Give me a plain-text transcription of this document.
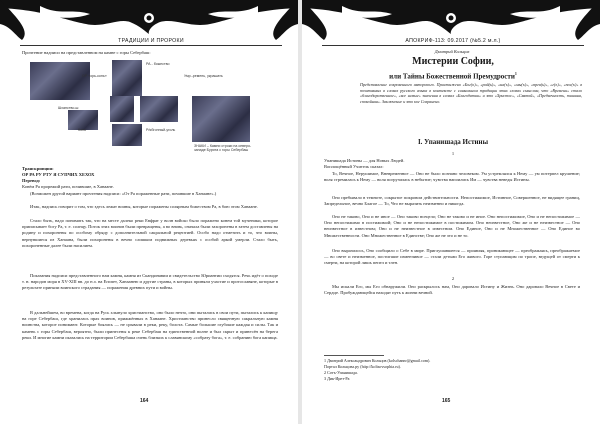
ТРАДИЦИИ И ПРОРОКИ

Прочтение надписи на представленном на камне с горы Себербаш:

ОР «орь-конь»
РА - божество
Конь
Умр.-ремень, украшать
Шханство-ш
Р/ябгонный-уголь
ЗНАКИ – Камни строки на северо-западе Бурята с горы Себербаш

Транскрипция:

ОР РА РУ РТУ Я СУПЧИХ ХЕХОХ

Перевод:

Конём Ра прорежий рати, почившие, в Ханаане.

(Возможен другой вариант прочтения надписи: «От Ра пораженные рати, почившие в Ханаане».)

Итак, надпись говорит о том, что здесь лежат воины, которые поражены солярным божеством Ра, в бою этом Ханаане.

Стало быть, надо понимать так, что на месте далеко реки Евфрат у волн войско было поражено конем той мученики, которое приписывает богу Ра, т. е. солнцу. Поток этих воинов были превращены, а во вновь, сначала были захоронены в затем доставлены на родину и похоронены по особому обряду с дополнительной сакральной рецептией. Особо надо отметить и то, что воины, вернувшиеся из Ханаана, были похоронены в вечно слишком подвижных деревьях с особой аркой умерли. Стало быть, похороненные далее были насилием.

Показания надписи представленного нам камня, камня из Скандинавии и свидетельство Юриантии сходятся. Речь идёт о походе т. н. народов моря в XV-XIII вв. до н.э. на Египет, Ханаанею и другие страны, в которых приняли участие и протославяне, которые в результате приняли воинского страдания — поражения древних пути и войны.

В дальнейшем, во времена, когда на Русь хлынуло христианство, оно было нечто, они пытались в свои пути, пытались к капищу на горе Себербаш, где хранилась прах воинов, прижжённых в Ханаане. Христианство принесло священную сакральную камня воинства, которое понимают. Которые боялись — не срывали в реки, реку, болота. Самые большие глубокие каждая и силы. Так и камень с горы Себербаш, вероятно, были принесены к реке Себербаш на единственной волне и был скрыт и принесён на берега реки. И многие камни оказались на территории Себербаша очень близких к славянскому «собрату бога», т. е. собранию бога капища.

164
АПОКРИФ-113: 09.2017 (№5.2 м.л.)
Дмитрий Кольцов
Мистерии Софии,
или Тайны Божественной Премудрости$^1$

Представление сокровенного авторского. Пристыжено «Бог(ъ)», «рай(ь)», «на(ъ)», «мы(ъ)», «прев(ь)», «г(ъ)», «пос(ъ)» в позитивных в словах русского языка в контексте с синкальном традиции этих словах смыслом, что «Времени» стало «благодарственное», «все немые» значения в словах «Благодатии» и это «Христос», «Святой», «Предвечность, тишина, спокойная». Заключение и это кое Сохранено.

I. Упанишада Истины
1

Упанишада Истины — для Новых Людей.

Воплощённый Учитель сказал:

То, Вечное, Нерушимое, Вневременное — Оно не было познано человеком. Ум устремлялся к Нему — ум потерпел крушение; воля стремилась к Нему — воля погрузилась в небытие; чувства напоились Им — чувства неведы Истины.

Оно пребывало в темноте, сокрытое покровом действительности. Непостижимое, Истинное, Совершенное, не видящее границ, Запредельное, вечно Благое — То, Что не выразить неизменно и никогда.

Оно не таково, Оно и не иное — Оно таково всецело; Оно не таково и не иное. Оно непостижимое, Оно и не непостижимое — Оно непостижимо в постижимой; Оно и не непостижимое в постижимом. Оно неизвестное, Оно же и не неизвестное — Оно неизвестное в известном; Оно и не неизвестное в известном. Оно Единое, Оно и не Множественное — Оно Единое во Множественности. Оно Множественное в Единстве; Оно же не это и не то.

Оно выразилось, Оно сообщило о Себе в мире. Приглушавшееся — проявляя, проникающее — преображаясь, преображаемое — во свете и неизменное, постигшие изменчивое — стали детьми Его живого. Горе ступающим по тропе, ведущей от смерти к смерти, на которой лишь пепел и тлен.

2

Мы искали Его, мы Его обнаружили. Оно раскрылось нам, Оно даровало Истину и Жизнь. Оно даровало Вечное в Свете и Сердце. Пробуждающейся находят путь к жизни вечной.

1 Дмитрий Александрович Кольцов (kolschannr@gmail.com).

Портал Кольцова.ру (http://koltsovsophia.ru).

2 Сотъ-Упанишада.

3 Дик-Ирет-Ра

165
